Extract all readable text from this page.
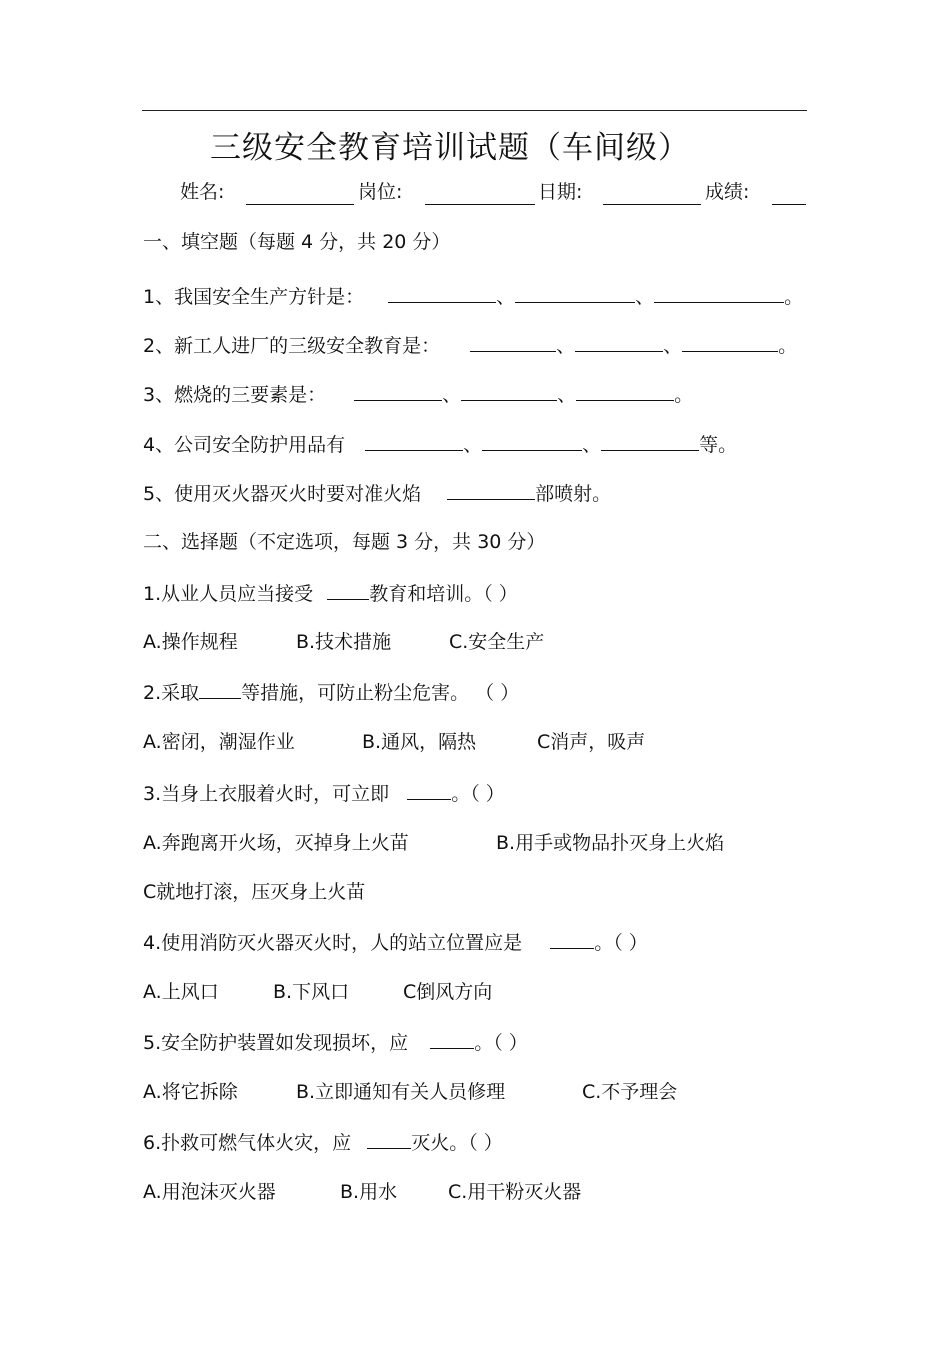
三级安全教育培训试题（车间级）
姓名:	岗位:	日期:	成绩:
一、填空题（每题 4 分，共 20 分）
1、我国安全生产方针是：	、	、	。
2、新工人进厂的三级安全教育是：	、	、	。
3、燃烧的三要素是：	、	、	。
4、公司安全防护用品有	、	、	等。
5、使用灭火器灭火时要对准火焰	部喷射。
二、选择题（不定选项，每题 3 分，共 30 分）
1.从业人员应当接受	教育和培训。（ ）
A.操作规程	B.技术措施	C.安全生产
2.采取 等措施，可防止粉尘危害。 （ ）
A.密闭，潮湿作业	B.通风，隔热	C消声，吸声
3.当身上衣服着火时，可立即	。（ ）
A.奔跑离开火场，灭掉身上火苗	B.用手或物品扑灭身上火焰
C就地打滚，压灭身上火苗
4.使用消防灭火器灭火时，人的站立位置应是	。（ ）
A.上风口	B.下风口	C倒风方向
5.安全防护装置如发现损坏，应	。（ ）
A.将它拆除	B.立即通知有关人员修理	C.不予理会
6.扑救可燃气体火灾，应	灭火。（ ）
A.用泡沫灭火器	B.用水	C.用干粉灭火器
